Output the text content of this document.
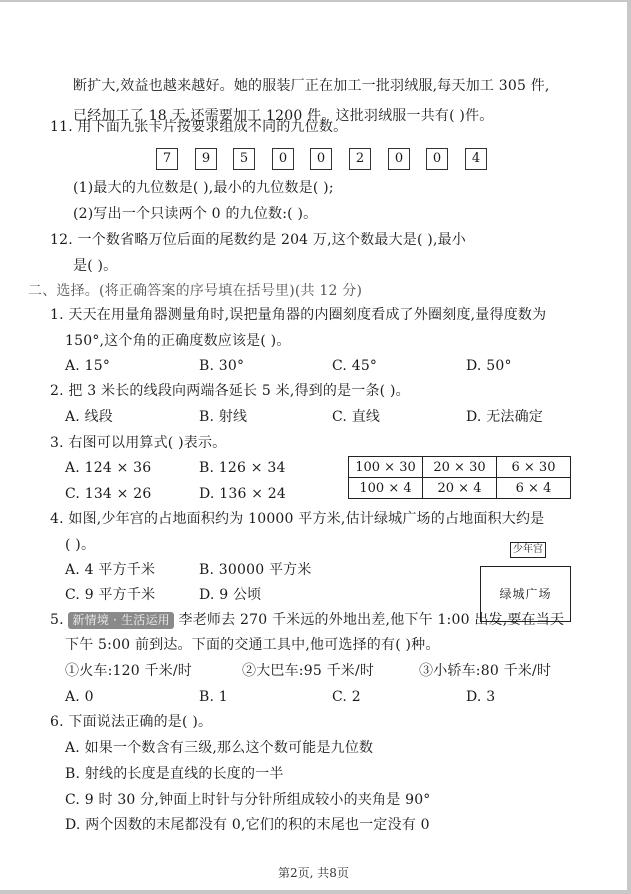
断扩大,效益也越来越好。她的服装厂正在加工一批羽绒服,每天加工 305 件,
已经加工了 18 天,还需要加工 1200 件。这批羽绒服一共有( )件。
11. 用下面九张卡片按要求组成不同的九位数。
7	9	5	0	0	2	0	0	4
(1)最大的九位数是( ),最小的九位数是( );
(2)写出一个只读两个 0 的九位数:( )。
12. 一个数省略万位后面的尾数约是 204 万,这个数最大是( ),最小
是( )。
二、选择。(将正确答案的序号填在括号里)(共 12 分)
1. 天天在用量角器测量角时,误把量角器的内圈刻度看成了外圈刻度,量得度数为
150°,这个角的正确度数应该是( )。
A. 15°	B. 30°	C. 45°	D. 50°
2. 把 3 米长的线段向两端各延长 5 米,得到的是一条( )。
A. 线段	B. 射线	C. 直线	D. 无法确定
3. 右图可以用算式( )表示。
A. 124 × 36	B. 126 × 34
C. 134 × 26	D. 136 × 24
100 × 30	20 × 30	6 × 30
100 × 4	20 × 4	6 × 4
4. 如图,少年宫的占地面积约为 10000 平方米,估计绿城广场的占地面积大约是
( )。
A. 4 平方千米	B. 30000 平方米
C. 9 平方千米	D. 9 公顷
少年宫
绿城广场
5. 新情境 · 生活运用 李老师去 270 千米远的外地出差,他下午 1:00 出发,要在当天
下午 5:00 前到达。下面的交通工具中,他可选择的有( )种。
①火车:120 千米/时	②大巴车:95 千米/时	③小轿车:80 千米/时
A. 0	B. 1	C. 2	D. 3
6. 下面说法正确的是( )。
A. 如果一个数含有三级,那么这个数可能是九位数
B. 射线的长度是直线的长度的一半
C. 9 时 30 分,钟面上时针与分针所组成较小的夹角是 90°
D. 两个因数的末尾都没有 0,它们的积的末尾也一定没有 0
第2页, 共8页
